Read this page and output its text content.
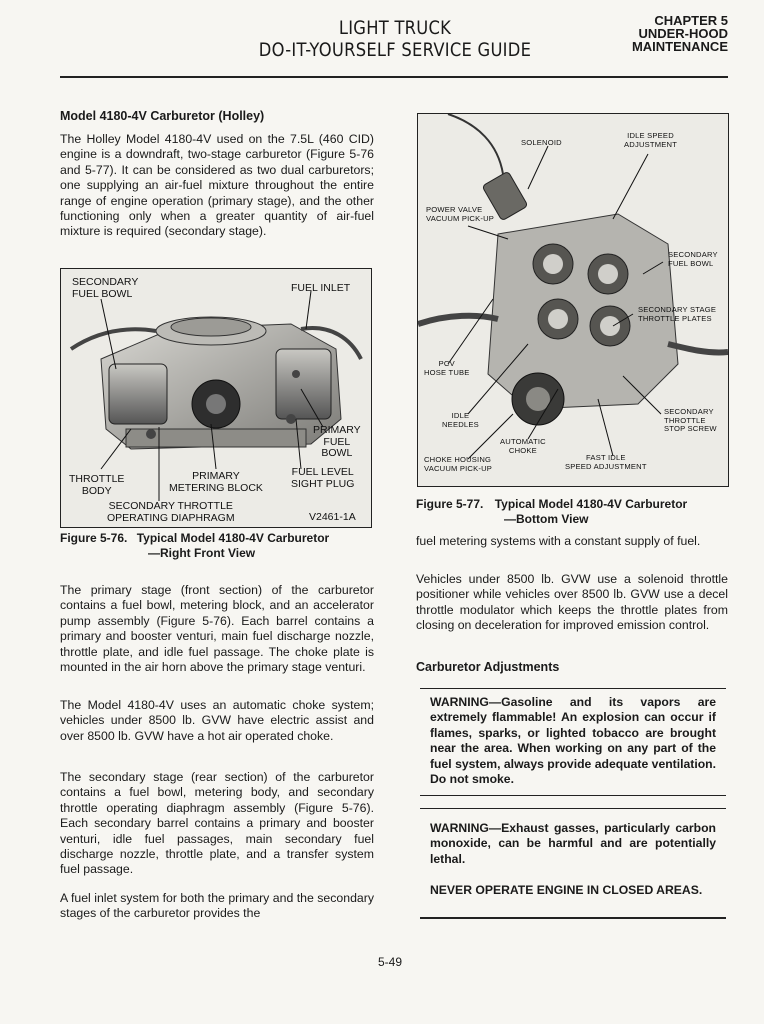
LIGHT TRUCK
DO-IT-YOURSELF SERVICE GUIDE
CHAPTER 5
UNDER-HOOD
MAINTENANCE
Model 4180-4V Carburetor (Holley)

The Holley Model 4180-4V used on the 7.5L (460 CID) engine is a downdraft, two-stage carburetor (Figure 5-76 and 5-77). It can be considered as two dual carburetors; one supplying an air-fuel mixture throughout the entire range of engine operation (primary stage), and the other functioning only when a greater quantity of air-fuel mixture is required (secondary stage).

SECONDARY
FUEL BOWL	FUEL INLET
PRIMARY
FUEL
BOWL
THROTTLE
BODY
PRIMARY
METERING BLOCK
FUEL LEVEL
SIGHT PLUG
SECONDARY THROTTLE
OPERATING DIAPHRAGM	V2461-1A
Figure 5-76. Typical Model 4180-4V Carburetor
—Right Front View

The primary stage (front section) of the carburetor contains a fuel bowl, metering block, and an accelerator pump assembly (Figure 5-76). Each barrel contains a primary and booster venturi, main fuel discharge nozzle, throttle plate, and idle fuel passage. The choke plate is mounted in the air horn above the primary stage venturi.

The Model 4180-4V uses an automatic choke system; vehicles under 8500 lb. GVW have electric assist and over 8500 lb. GVW have a hot air operated choke.

The secondary stage (rear section) of the carburetor contains a fuel bowl, metering body, and secondary throttle operating diaphragm assembly (Figure 5-76). Each secondary barrel contains a primary and booster venturi, idle fuel passages, main secondary fuel discharge nozzle, throttle plate, and a transfer system fuel passage.

A fuel inlet system for both the primary and the secondary stages of the carburetor provides the

SOLENOID
IDLE SPEED
ADJUSTMENT
POWER VALVE
VACUUM PICK-UP
SECONDARY
FUEL BOWL
SECONDARY STAGE
THROTTLE PLATES
PCV
HOSE TUBE
IDLE
NEEDLES
SECONDARY
THROTTLE
STOP SCREW
AUTOMATIC
CHOKE
CHOKE HOUSING
VACUUM PICK-UP
FAST IDLE
SPEED ADJUSTMENT
Figure 5-77. Typical Model 4180-4V Carburetor
—Bottom View

fuel metering systems with a constant supply of fuel.

Vehicles under 8500 lb. GVW use a solenoid throttle positioner while vehicles over 8500 lb. GVW use a decel throttle modulator which keeps the throttle plates from closing on deceleration for improved emission control.

Carburetor Adjustments

WARNING—Gasoline and its vapors are extremely flammable! An explosion can occur if flames, sparks, or lighted tobacco are brought near the area. When working on any part of the fuel system, always provide adequate ventilation. Do not smoke.

WARNING—Exhaust gasses, particularly carbon monoxide, can be harmful and are potentially lethal.

NEVER OPERATE ENGINE IN CLOSED AREAS.

5-49
